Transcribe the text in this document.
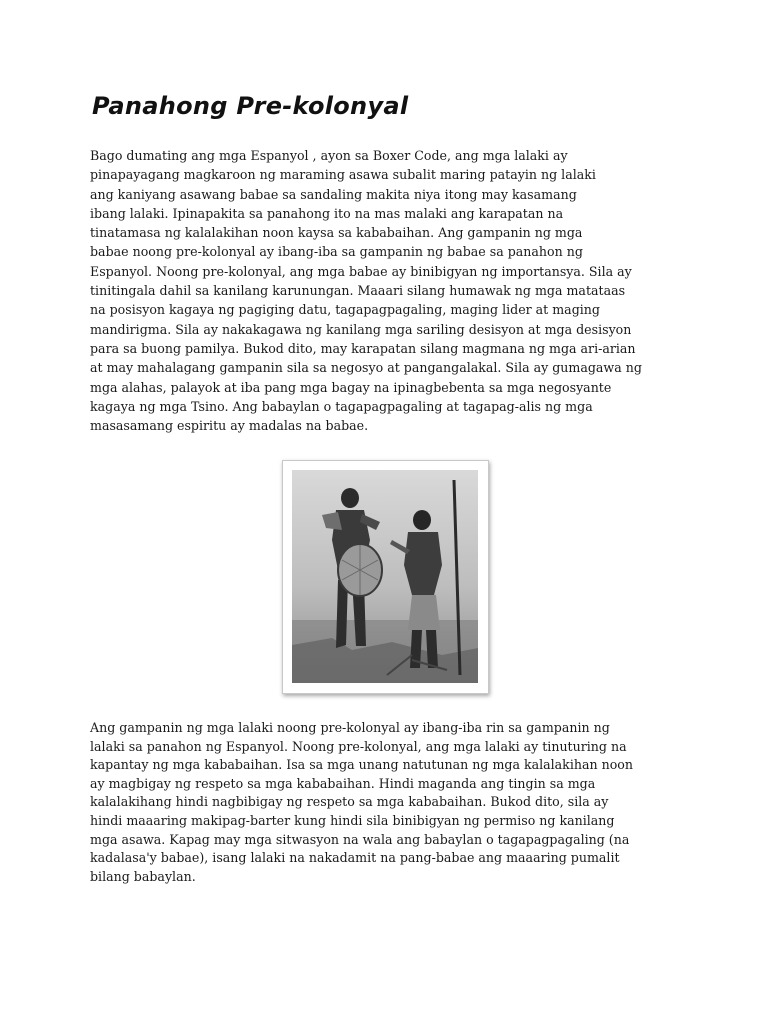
Panahong Pre-kolonyal
Bago dumating ang mga Espanyol , ayon sa Boxer Code, ang mga lalaki ay
pinapayagang magkaroon ng maraming asawa subalit maring patayin ng lalaki
ang kaniyang asawang babae sa sandaling makita niya itong may kasamang
ibang lalaki. Ipinapakita sa panahong ito na mas malaki ang karapatan na
tinatamasa ng kalalakihan noon kaysa sa kababaihan. Ang gampanin ng mga
babae noong pre-kolonyal ay ibang-iba sa gampanin ng babae sa panahon ng
Espanyol. Noong pre-kolonyal, ang mga babae ay binibigyan ng importansya. Sila ay
tinitingala dahil sa kanilang karunungan. Maaari silang humawak ng mga matataas
na posisyon kagaya ng pagiging datu, tagapagpagaling, maging lider at maging
mandirigma. Sila ay nakakagawa ng kanilang mga sariling desisyon at mga desisyon
para sa buong pamilya. Bukod dito, may karapatan silang magmana ng mga ari-arian
at may mahalagang gampanin sila sa negosyo at pangangalakal. Sila ay gumagawa ng
mga alahas, palayok at iba pang mga bagay na ipinagbebenta sa mga negosyante
kagaya ng mga Tsino. Ang babaylan o tagapagpagaling at tagapag-alis ng mga
masasamang espiritu ay madalas na babae.
Ang gampanin ng mga lalaki noong pre-kolonyal ay ibang-iba rin sa gampanin ng
lalaki sa panahon ng Espanyol. Noong pre-kolonyal, ang mga lalaki ay tinuturing na
kapantay ng mga kababaihan. Isa sa mga unang natutunan ng mga kalalakihan noon
ay magbigay ng respeto sa mga kababaihan. Hindi maganda ang tingin sa mga
kalalakihang hindi nagbibigay ng respeto sa mga kababaihan. Bukod dito, sila ay
hindi maaaring makipag-barter kung hindi sila binibigyan ng permiso ng kanilang
mga asawa. Kapag may mga sitwasyon na wala ang babaylan o tagapagpagaling (na
kadalasa'y babae), isang lalaki na nakadamit na pang-babae ang maaaring pumalit
bilang babaylan.
